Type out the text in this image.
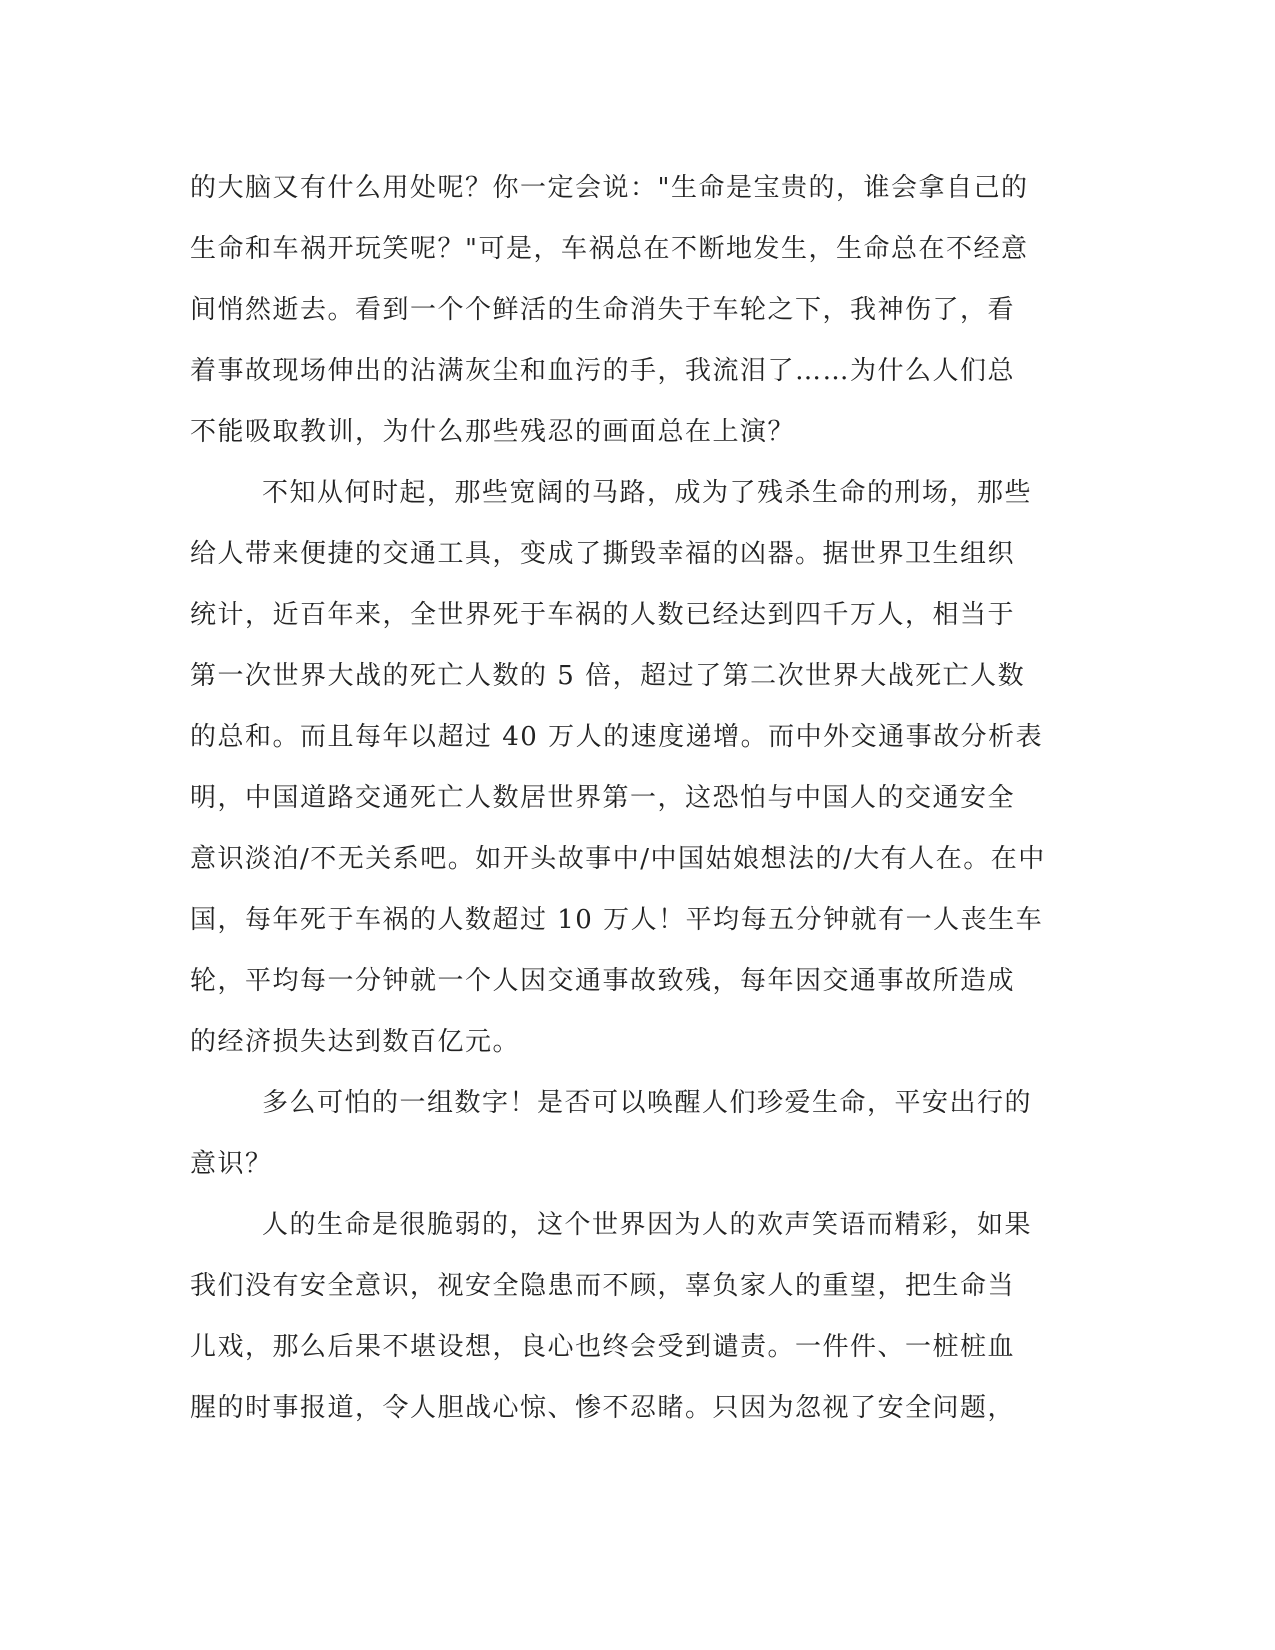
的大脑又有什么用处呢？你一定会说："生命是宝贵的，谁会拿自己的
生命和车祸开玩笑呢？"可是，车祸总在不断地发生，生命总在不经意
间悄然逝去。看到一个个鲜活的生命消失于车轮之下，我神伤了，看
着事故现场伸出的沾满灰尘和血污的手，我流泪了……为什么人们总
不能吸取教训，为什么那些残忍的画面总在上演？
不知从何时起，那些宽阔的马路，成为了残杀生命的刑场，那些
给人带来便捷的交通工具，变成了撕毁幸福的凶器。据世界卫生组织
统计，近百年来，全世界死于车祸的人数已经达到四千万人，相当于
第一次世界大战的死亡人数的 5 倍，超过了第二次世界大战死亡人数
的总和。而且每年以超过 40 万人的速度递增。而中外交通事故分析表
明，中国道路交通死亡人数居世界第一，这恐怕与中国人的交通安全
意识淡泊/不无关系吧。如开头故事中/中国姑娘想法的/大有人在。在中
国，每年死于车祸的人数超过 10 万人！平均每五分钟就有一人丧生车
轮，平均每一分钟就一个人因交通事故致残，每年因交通事故所造成
的经济损失达到数百亿元。
多么可怕的一组数字！是否可以唤醒人们珍爱生命，平安出行的
意识？
人的生命是很脆弱的，这个世界因为人的欢声笑语而精彩，如果
我们没有安全意识，视安全隐患而不顾，辜负家人的重望，把生命当
儿戏，那么后果不堪设想，良心也终会受到谴责。一件件、一桩桩血
腥的时事报道，令人胆战心惊、惨不忍睹。只因为忽视了安全问题，
